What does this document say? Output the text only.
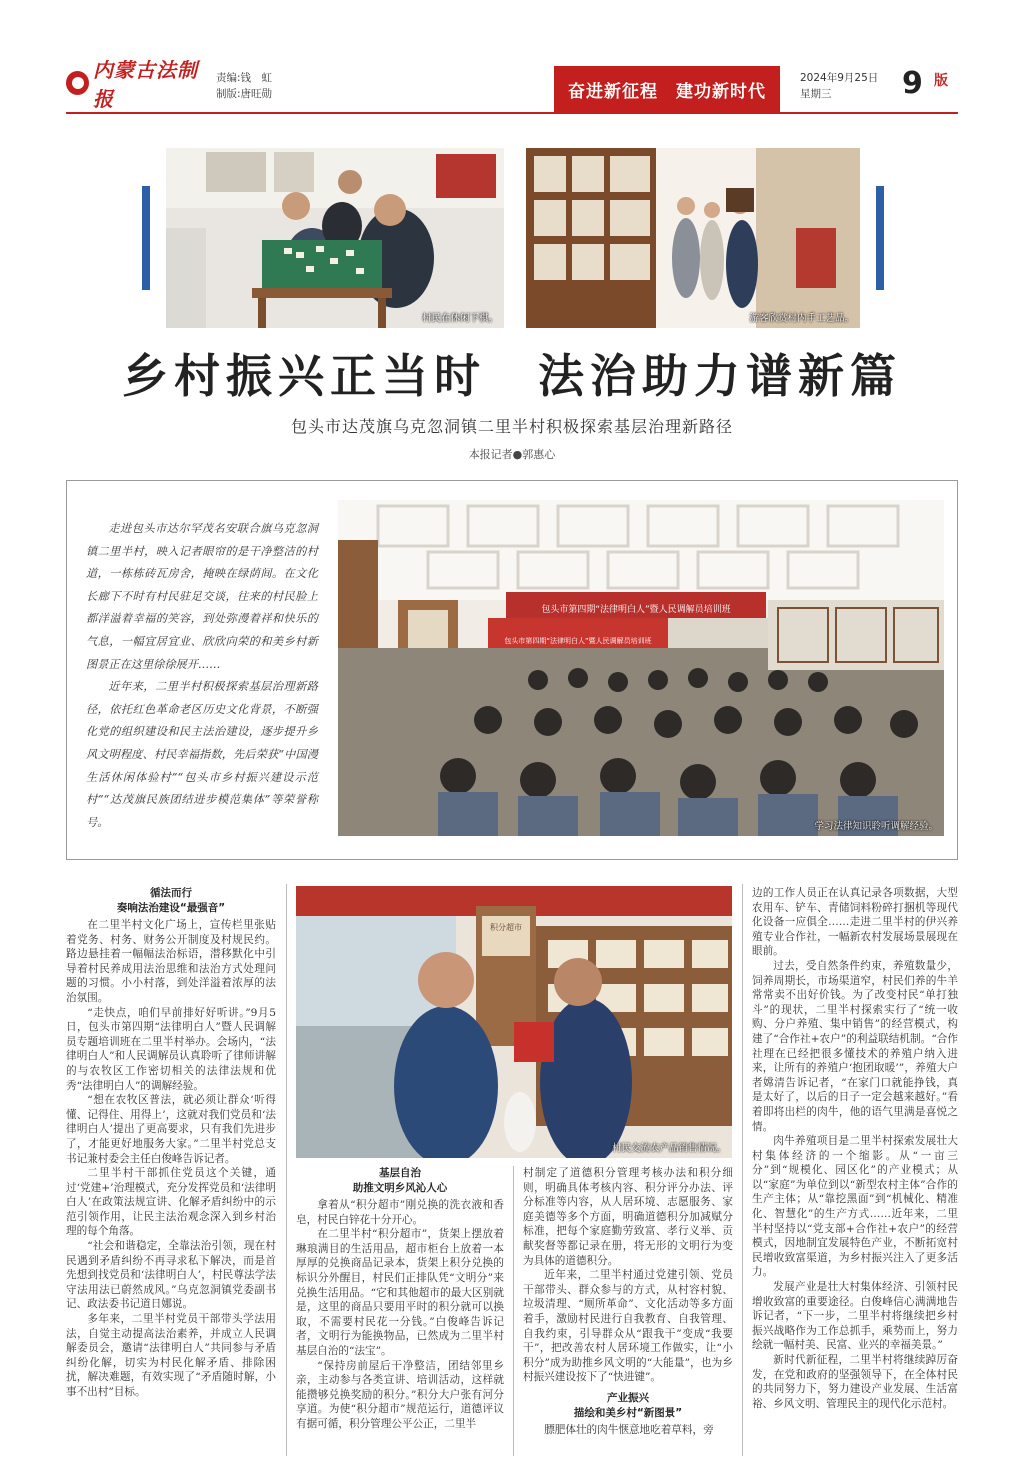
内蒙古法制报
责编:钱　虹
制版:唐旺勋	奋进新征程　建功新时代
2024年9月25日
星期三	9 版
村民在休闲下棋。	游客欣赏村内手工艺品。
乡村振兴正当时　法治助力谱新篇
包头市达茂旗乌克忽洞镇二里半村积极探索基层治理新路径
本报记者●郭惠心

走进包头市达尔罕茂名安联合旗乌克忽洞镇二里半村，映入记者眼帘的是干净整洁的村道，一栋栋砖瓦房舍，掩映在绿荫间。在文化长廊下不时有村民驻足交谈，往来的村民脸上都洋溢着幸福的笑容，到处弥漫着祥和快乐的气息，一幅宜居宜业、欣欣向荣的和美乡村新图景正在这里徐徐展开……

近年来，二里半村积极探索基层治理新路径，依托红色革命老区历史文化背景，不断强化党的组织建设和民主法治建设，逐步提升乡风文明程度、村民幸福指数，先后荣获“中国漫生活休闲体验村”“包头市乡村振兴建设示范村”“达茂旗民族团结进步模范集体”等荣誉称号。

包头市第四期“法律明白人”暨人民调解员培训班
包头市第四期“法律明白人”暨人民调解员培训班
学习法律知识聆听调解经验。
循法而行
奏响法治建设“最强音”

在二里半村文化广场上，宣传栏里张贴着党务、村务、财务公开制度及村规民约。路边悬挂着一幅幅法治标语，潜移默化中引导着村民养成用法治思维和法治方式处理问题的习惯。小小村落，到处洋溢着浓厚的法治氛围。

“走快点，咱们早前排好好听讲。”9月5日，包头市第四期“法律明白人”暨人民调解员专题培训班在二里半村举办。会场内，“法律明白人”和人民调解员认真聆听了律师讲解的与农牧区工作密切相关的法律法规和优秀“法律明白人”的调解经验。

“想在农牧区普法，就必须让群众‘听得懂、记得住、用得上’，这就对我们党员和‘法律明白人’提出了更高要求，只有我们先进步了，才能更好地服务大家。”二里半村党总支书记兼村委会主任白俊峰告诉记者。

二里半村干部抓住党员这个关键，通过‘党建+’治理模式，充分发挥党员和‘法律明白人’在政策法规宣讲、化解矛盾纠纷中的示范引领作用，让民主法治观念深入到乡村治理的每个角落。

“社会和谐稳定，全靠法治引领，现在村民遇到矛盾纠纷不再寻求私下解决，而是首先想到找党员和‘法律明白人’，村民尊法学法守法用法已蔚然成风。”乌克忽洞镇党委副书记、政法委书记道日娜说。

多年来，二里半村党员干部带头学法用法，自觉主动提高法治素养，并成立人民调解委员会，邀请“法律明白人”共同参与矛盾纠纷化解，切实为村民化解矛盾、排除困扰，解决难题，有效实现了“矛盾随时解，小事不出村”目标。

积分超市
村民交流农产品销售情况。
基层自治
助推文明乡风沁人心

拿着从“积分超市”刚兑换的洗衣液和香皂，村民白锌花十分开心。

在二里半村“积分超市”，货架上摆放着琳琅满目的生活用品，超市柜台上放着一本厚厚的兑换商品记录本，货架上积分兑换的标识分外醒目，村民们正排队凭“文明分”来兑换生活用品。“它和其他超市的最大区别就是，这里的商品只要用平时的积分就可以换取，不需要村民花一分钱。”白俊峰告诉记者，文明行为能换物品，已然成为二里半村基层自治的“法宝”。

“保持房前屋后干净整洁，团结邻里乡亲，主动参与各类宣讲、培训活动，这样就能攒够兑换奖励的积分。”积分大户张有河分享道。为使“积分超市”规范运行，道德评议有据可循，积分管理公平公正，二里半

村制定了道德积分管理考核办法和积分细则，明确具体考核内容、积分评分办法、评分标准等内容，从人居环境、志愿服务、家庭美德等多个方面，明确道德积分加减赋分标准，把每个家庭勤劳致富、孝行义举、贡献奖督等都记录在册，将无形的文明行为变为具体的道德积分。

近年来，二里半村通过党建引领、党员干部带头、群众参与的方式，从村容村貌、垃圾清理、“厕所革命”、文化活动等多方面着手，激励村民进行自我教育、自我管理、自我约束，引导群众从“跟我干”变成“我要干”，把改善农村人居环境工作做实，让“小积分”成为助推乡风文明的“大能量”，也为乡村振兴建设按下了“快进键”。

产业振兴
描绘和美乡村“新图景”

膘肥体壮的肉牛惬意地吃着草料，旁

边的工作人员正在认真记录各项数据，大型农用车、铲车、青储饲料粉碎打捆机等现代化设备一应俱全……走进二里半村的伊兴养殖专业合作社，一幅新农村发展场景展现在眼前。

过去，受自然条件约束，养殖数量少，饲养周期长，市场渠道窄，村民们养的牛羊常常卖不出好价钱。为了改变村民“单打独斗”的现状，二里半村探索实行了“统一收购、分户养殖、集中销售”的经营模式，构建了“合作社+农户”的利益联结机制。“合作社理在已经把很多懂技术的养殖户纳入进来，让所有的养殖户‘抱团取暖’”，养殖大户者嫦清告诉记者，“在家门口就能挣钱，真是太好了，以后的日子一定会越来越好。”看着即将出栏的肉牛，他的语气里满是喜悦之情。

肉牛养殖项目是二里半村探索发展壮大村集体经济的一个缩影。从“一亩三分”到“规模化、园区化”的产业模式；从以“家庭”为单位到以“新型农村主体”合作的生产主体；从“靠挖黑面”到“机械化、精准化、智慧化”的生产方式……近年来，二里半村坚持以“党支部+合作社+农户”的经营模式，因地制宜发展特色产业，不断拓宽村民增收致富渠道，为乡村振兴注入了更多活力。

发展产业是壮大村集体经济、引领村民增收致富的重要途径。白俊峰信心满满地告诉记者，“下一步，二里半村将继续把乡村振兴战略作为工作总抓手，乘势而上，努力绘就一幅村美、民富、业兴的幸福美景。”

新时代新征程，二里半村将继续踔厉奋发，在党和政府的坚强领导下，在全体村民的共同努力下，努力建设产业发展、生活富裕、乡风文明、管理民主的现代化示范村。
